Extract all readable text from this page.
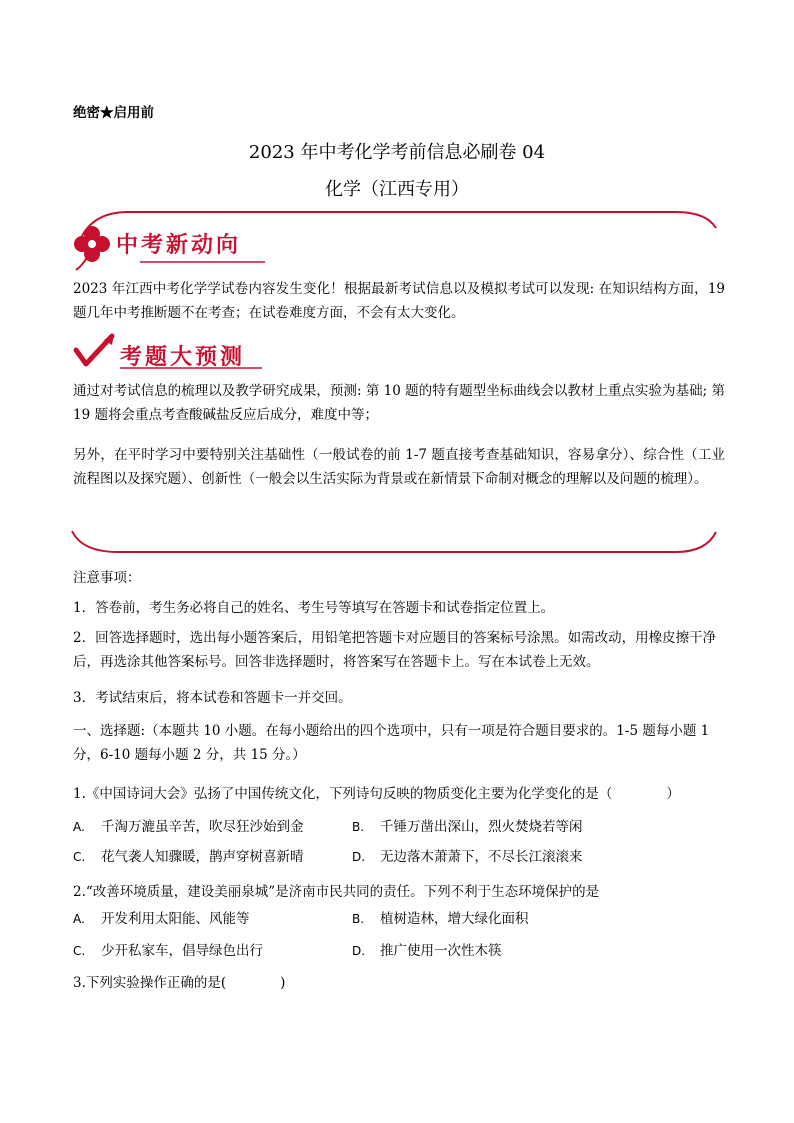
绝密★启用前
2023 年中考化学考前信息必刷卷 04
化学（江西专用）
中考新动向
2023 年江西中考化学学试卷内容发生变化！根据最新考试信息以及模拟考试可以发现: 在知识结构方面，19 题几年中考推断题不在考查；在试卷难度方面，不会有太大变化。
考题大预测
通过对考试信息的梳理以及教学研究成果，预测: 第 10 题的特有题型坐标曲线会以教材上重点实验为基础; 第 19 题将会重点考查酸碱盐反应后成分，难度中等；
另外，在平时学习中要特别关注基础性（一般试卷的前 1-7 题直接考查基础知识，容易拿分）、综合性（工业流程图以及探究题）、创新性（一般会以生活实际为背景或在新情景下命制对概念的理解以及问题的梳理）。
注意事项：
1．答卷前，考生务必将自己的姓名、考生号等填写在答题卡和试卷指定位置上。
2．回答选择题时，选出每小题答案后，用铅笔把答题卡对应题目的答案标号涂黑。如需改动，用橡皮擦干净后，再选涂其他答案标号。回答非选择题时，将答案写在答题卡上。写在本试卷上无效。
3．考试结束后，将本试卷和答题卡一并交回。
一、选择题:（本题共 10 小题。在每小题给出的四个选项中，只有一项是符合题目要求的。1-5 题每小题 1 分，6-10 题每小题 2 分，共 15 分。）
1.《中国诗词大会》弘扬了中国传统文化，下列诗句反映的物质变化主要为化学变化的是（　　　　）
A. 千淘万漉虽辛苦，吹尽狂沙始到金	B. 千锤万凿出深山，烈火焚烧若等闲
C. 花气袭人知骤暖，鹊声穿树喜新晴	D. 无边落木萧萧下，不尽长江滚滚来
2.“改善环境质量，建设美丽泉城”是济南市民共同的责任。下列不利于生态环境保护的是
A. 开发利用太阳能、风能等	B. 植树造林，增大绿化面积
C. 少开私家车，倡导绿色出行	D. 推广使用一次性木筷
3.下列实验操作正确的是(　　　　)
